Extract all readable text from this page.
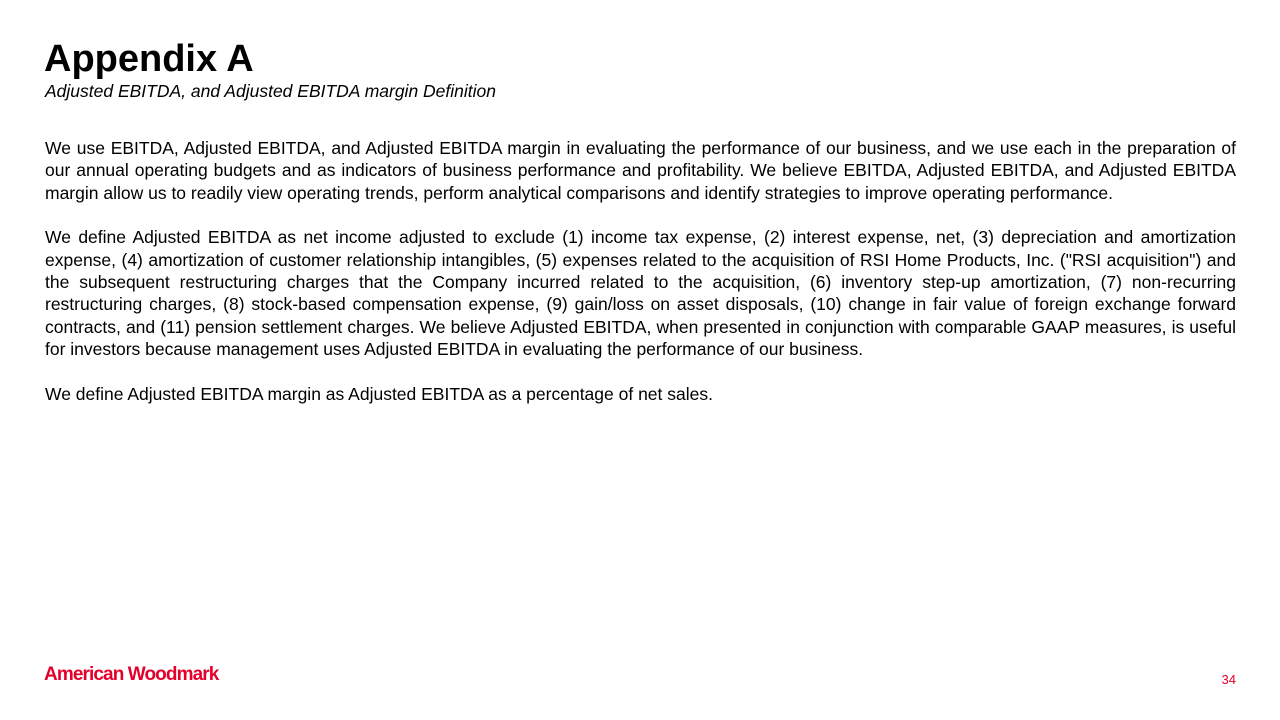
Appendix A
Adjusted EBITDA, and Adjusted EBITDA margin Definition

We use EBITDA, Adjusted EBITDA, and Adjusted EBITDA margin in evaluating the performance of our business, and we use each in the preparation of our annual operating budgets and as indicators of business performance and profitability. We believe EBITDA, Adjusted EBITDA, and Adjusted EBITDA margin allow us to readily view operating trends, perform analytical comparisons and identify strategies to improve operating performance.

We define Adjusted EBITDA as net income adjusted to exclude (1) income tax expense, (2) interest expense, net, (3) depreciation and amortization expense, (4) amortization of customer relationship intangibles, (5) expenses related to the acquisition of RSI Home Products, Inc. ("RSI acquisition") and the subsequent restructuring charges that the Company incurred related to the acquisition, (6) inventory step-up amortization, (7) non-recurring restructuring charges, (8) stock-based compensation expense, (9) gain/loss on asset disposals, (10) change in fair value of foreign exchange forward contracts, and (11) pension settlement charges. We believe Adjusted EBITDA, when presented in conjunction with comparable GAAP measures, is useful for investors because management uses Adjusted EBITDA in evaluating the performance of our business.

We define Adjusted EBITDA margin as Adjusted EBITDA as a percentage of net sales.

American Woodmark	34
